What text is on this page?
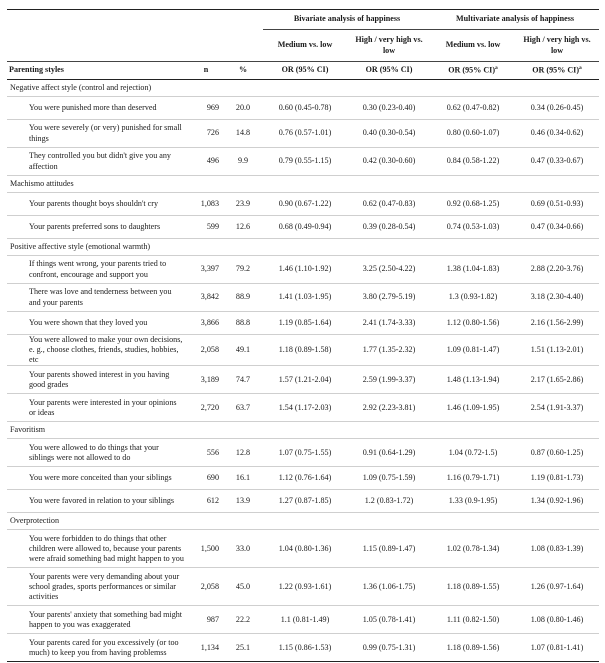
			Bivariate analysis of happiness		Multivariate analysis of happiness	
			Medium vs. low	High / very high vs. low	Medium vs. low	High / very high vs. low
Parenting styles	n	%	OR (95% CI)	OR (95% CI)	OR (95% CI)$^a$	OR (95% CI)$^a$
Negative affect style (control and rejection)						
You were punished more than deserved	969	20.0	0.60 (0.45-0.78)	0.30 (0.23-0.40)	0.62 (0.47-0.82)	0.34 (0.26-0.45)
You were severely (or very) punished for small things	726	14.8	0.76 (0.57-1.01)	0.40 (0.30-0.54)	0.80 (0.60-1.07)	0.46 (0.34-0.62)
They controlled you but didn't give you any affection	496	9.9	0.79 (0.55-1.15)	0.42 (0.30-0.60)	0.84 (0.58-1.22)	0.47 (0.33-0.67)
Machismo attitudes						
Your parents thought boys shouldn't cry	1,083	23.9	0.90 (0.67-1.22)	0.62 (0.47-0.83)	0.92 (0.68-1.25)	0.69 (0.51-0.93)
Your parents preferred sons to daughters	599	12.6	0.68 (0.49-0.94)	0.39 (0.28-0.54)	0.74 (0.53-1.03)	0.47 (0.34-0.66)
Positive affective style (emotional warmth)						
If things went wrong, your parents tried to confront, encourage and support you	3,397	79.2	1.46 (1.10-1.92)	3.25 (2.50-4.22)	1.38 (1.04-1.83)	2.88 (2.20-3.76)
There was love and tenderness between you and your parents	3,842	88.9	1.41 (1.03-1.95)	3.80 (2.79-5.19)	1.3 (0.93-1.82)	3.18 (2.30-4.40)
You were shown that they loved you	3,866	88.8	1.19 (0.85-1.64)	2.41 (1.74-3.33)	1.12 (0.80-1.56)	2.16 (1.56-2.99)
You were allowed to make your own decisions, e. g., choose clothes, friends, studies, hobbies, etc	2,058	49.1	1.18 (0.89-1.58)	1.77 (1.35-2.32)	1.09 (0.81-1.47)	1.51 (1.13-2.01)
Your parents showed interest in you having good grades	3,189	74.7	1.57 (1.21-2.04)	2.59 (1.99-3.37)	1.48 (1.13-1.94)	2.17 (1.65-2.86)
Your parents were interested in your opinions or ideas	2,720	63.7	1.54 (1.17-2.03)	2.92 (2.23-3.81)	1.46 (1.09-1.95)	2.54 (1.91-3.37)
Favoritism						
You were allowed to do things that your siblings were not allowed to do	556	12.8	1.07 (0.75-1.55)	0.91 (0.64-1.29)	1.04 (0.72-1.5)	0.87 (0.60-1.25)
You were more conceited than your siblings	690	16.1	1.12 (0.76-1.64)	1.09 (0.75-1.59)	1.16 (0.79-1.71)	1.19 (0.81-1.73)
You were favored in relation to your siblings	612	13.9	1.27 (0.87-1.85)	1.2 (0.83-1.72)	1.33 (0.9-1.95)	1.34 (0.92-1.96)
Overprotection						
You were forbidden to do things that other children were allowed to, because your parents were afraid something bad might happen to you	1,500	33.0	1.04 (0.80-1.36)	1.15 (0.89-1.47)	1.02 (0.78-1.34)	1.08 (0.83-1.39)
Your parents were very demanding about your school grades, sports performances or similar activities	2,058	45.0	1.22 (0.93-1.61)	1.36 (1.06-1.75)	1.18 (0.89-1.55)	1.26 (0.97-1.64)
Your parents' anxiety that something bad might happen to you was exaggerated	987	22.2	1.1 (0.81-1.49)	1.05 (0.78-1.41)	1.11 (0.82-1.50)	1.08 (0.80-1.46)
Your parents cared for you excessively (or too much) to keep you from having problemss	1,134	25.1	1.15 (0.86-1.53)	0.99 (0.75-1.31)	1.18 (0.89-1.56)	1.07 (0.81-1.41)
